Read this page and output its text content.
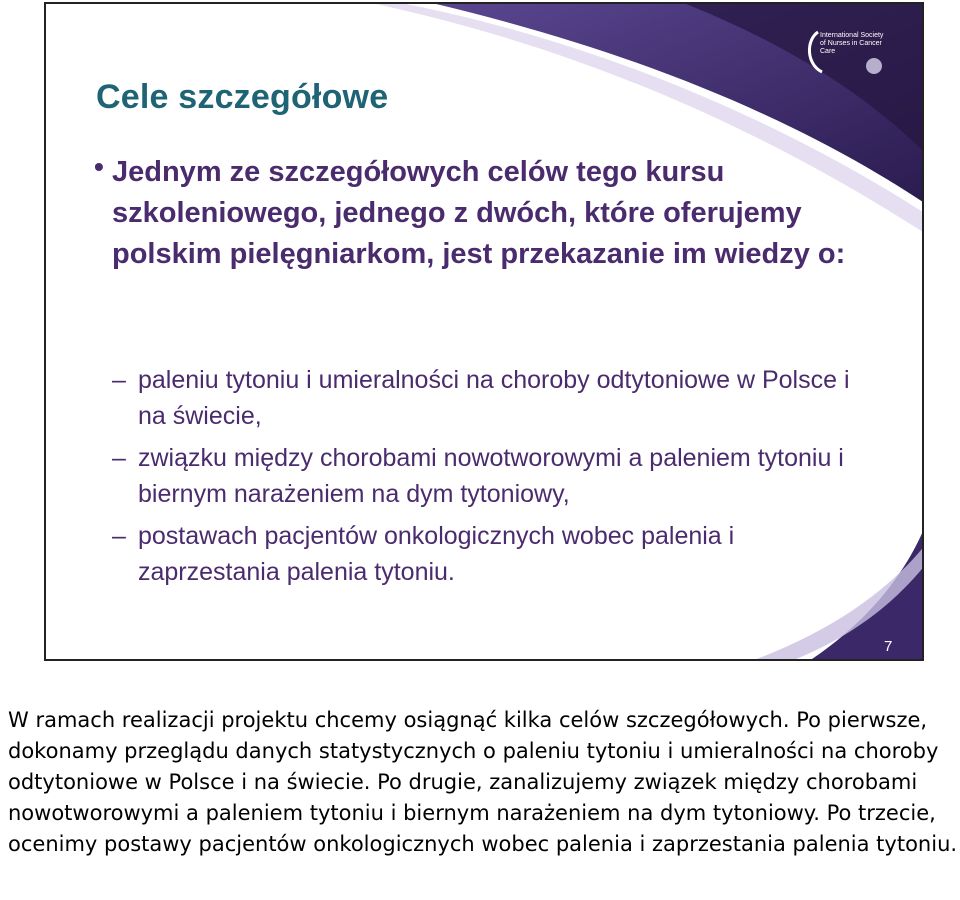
International Society of Nurses in Cancer Care
Cele szczegółowe
• Jednym ze szczegółowych celów tego kursu szkoleniowego, jednego z dwóch, które oferujemy polskim pielęgniarkom, jest przekazanie im wiedzy o:
– paleniu tytoniu i umieralności na choroby odtytoniowe w Polsce i na świecie,
– związku między chorobami nowotworowymi a paleniem tytoniu i biernym narażeniem na dym tytoniowy,
– postawach pacjentów onkologicznych wobec palenia i zaprzestania palenia tytoniu.
7
W ramach realizacji projektu chcemy osiągnąć kilka celów szczegółowych. Po pierwsze, dokonamy przeglądu danych statystycznych o paleniu tytoniu i umieralności na choroby odtytoniowe w Polsce i na świecie. Po drugie, zanalizujemy związek między chorobami nowotworowymi a paleniem tytoniu i biernym narażeniem na dym tytoniowy. Po trzecie, ocenimy postawy pacjentów onkologicznych wobec palenia i zaprzestania palenia tytoniu.
